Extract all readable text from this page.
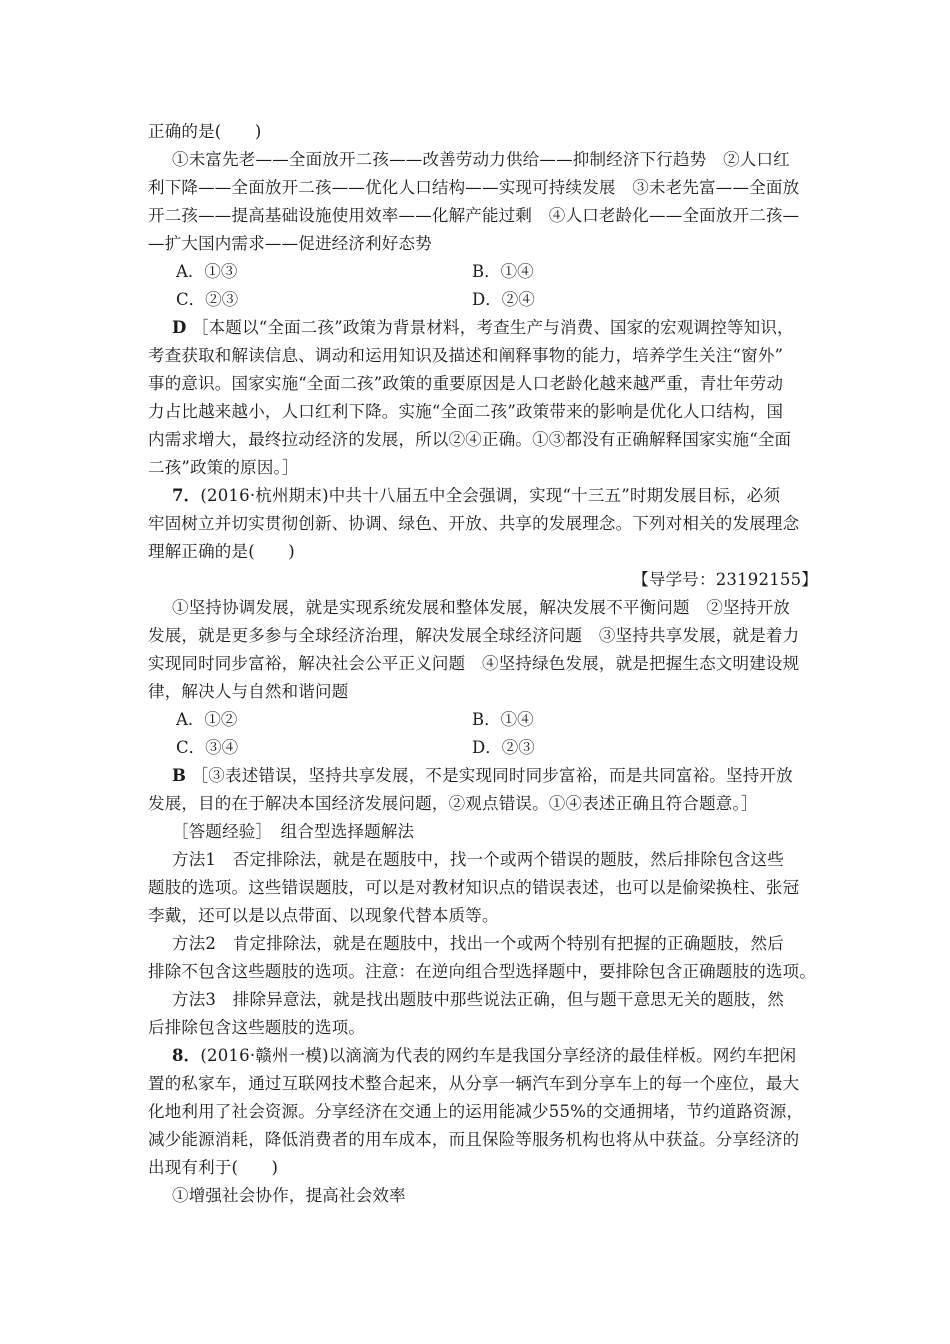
正确的是(　　)
①未富先老——全面放开二孩——改善劳动力供给——抑制经济下行趋势　②人口红
利下降——全面放开二孩——优化人口结构——实现可持续发展　③未老先富——全面放
开二孩——提高基础设施使用效率——化解产能过剩　④人口老龄化——全面放开二孩—
—扩大国内需求——促进经济利好态势
A．①③	B．①④
C．②③	D．②④
D ［本题以“全面二孩”政策为背景材料，考查生产与消费、国家的宏观调控等知识，
考查获取和解读信息、调动和运用知识及描述和阐释事物的能力，培养学生关注“窗外”
事的意识。国家实施“全面二孩”政策的重要原因是人口老龄化越来越严重，青壮年劳动
力占比越来越小，人口红利下降。实施“全面二孩”政策带来的影响是优化人口结构，国
内需求增大，最终拉动经济的发展，所以②④正确。①③都没有正确解释国家实施“全面
二孩”政策的原因。］
7．(2016·杭州期末)中共十八届五中全会强调，实现“十三五”时期发展目标，必须
牢固树立并切实贯彻创新、协调、绿色、开放、共享的发展理念。下列对相关的发展理念
理解正确的是(　　)
【导学号：23192155】
①坚持协调发展，就是实现系统发展和整体发展，解决发展不平衡问题　②坚持开放
发展，就是更多参与全球经济治理，解决发展全球经济问题　③坚持共享发展，就是着力
实现同时同步富裕，解决社会公平正义问题　④坚持绿色发展，就是把握生态文明建设规
律，解决人与自然和谐问题
A．①②	B．①④
C．③④	D．②③
B ［③表述错误，坚持共享发展，不是实现同时同步富裕，而是共同富裕。坚持开放
发展，目的在于解决本国经济发展问题，②观点错误。①④表述正确且符合题意。］
［答题经验］　组合型选择题解法
方法1　否定排除法，就是在题肢中，找一个或两个错误的题肢，然后排除包含这些
题肢的选项。这些错误题肢，可以是对教材知识点的错误表述，也可以是偷梁换柱、张冠
李戴，还可以是以点带面、以现象代替本质等。
方法2　肯定排除法，就是在题肢中，找出一个或两个特别有把握的正确题肢，然后
排除不包含这些题肢的选项。注意：在逆向组合型选择题中，要排除包含正确题肢的选项。
方法3　排除异意法，就是找出题肢中那些说法正确，但与题干意思无关的题肢，然
后排除包含这些题肢的选项。
8．(2016·赣州一模)以滴滴为代表的网约车是我国分享经济的最佳样板。网约车把闲
置的私家车，通过互联网技术整合起来，从分享一辆汽车到分享车上的每一个座位，最大
化地利用了社会资源。分享经济在交通上的运用能减少55%的交通拥堵，节约道路资源，
减少能源消耗，降低消费者的用车成本，而且保险等服务机构也将从中获益。分享经济的
出现有利于(　　)
①增强社会协作，提高社会效率
